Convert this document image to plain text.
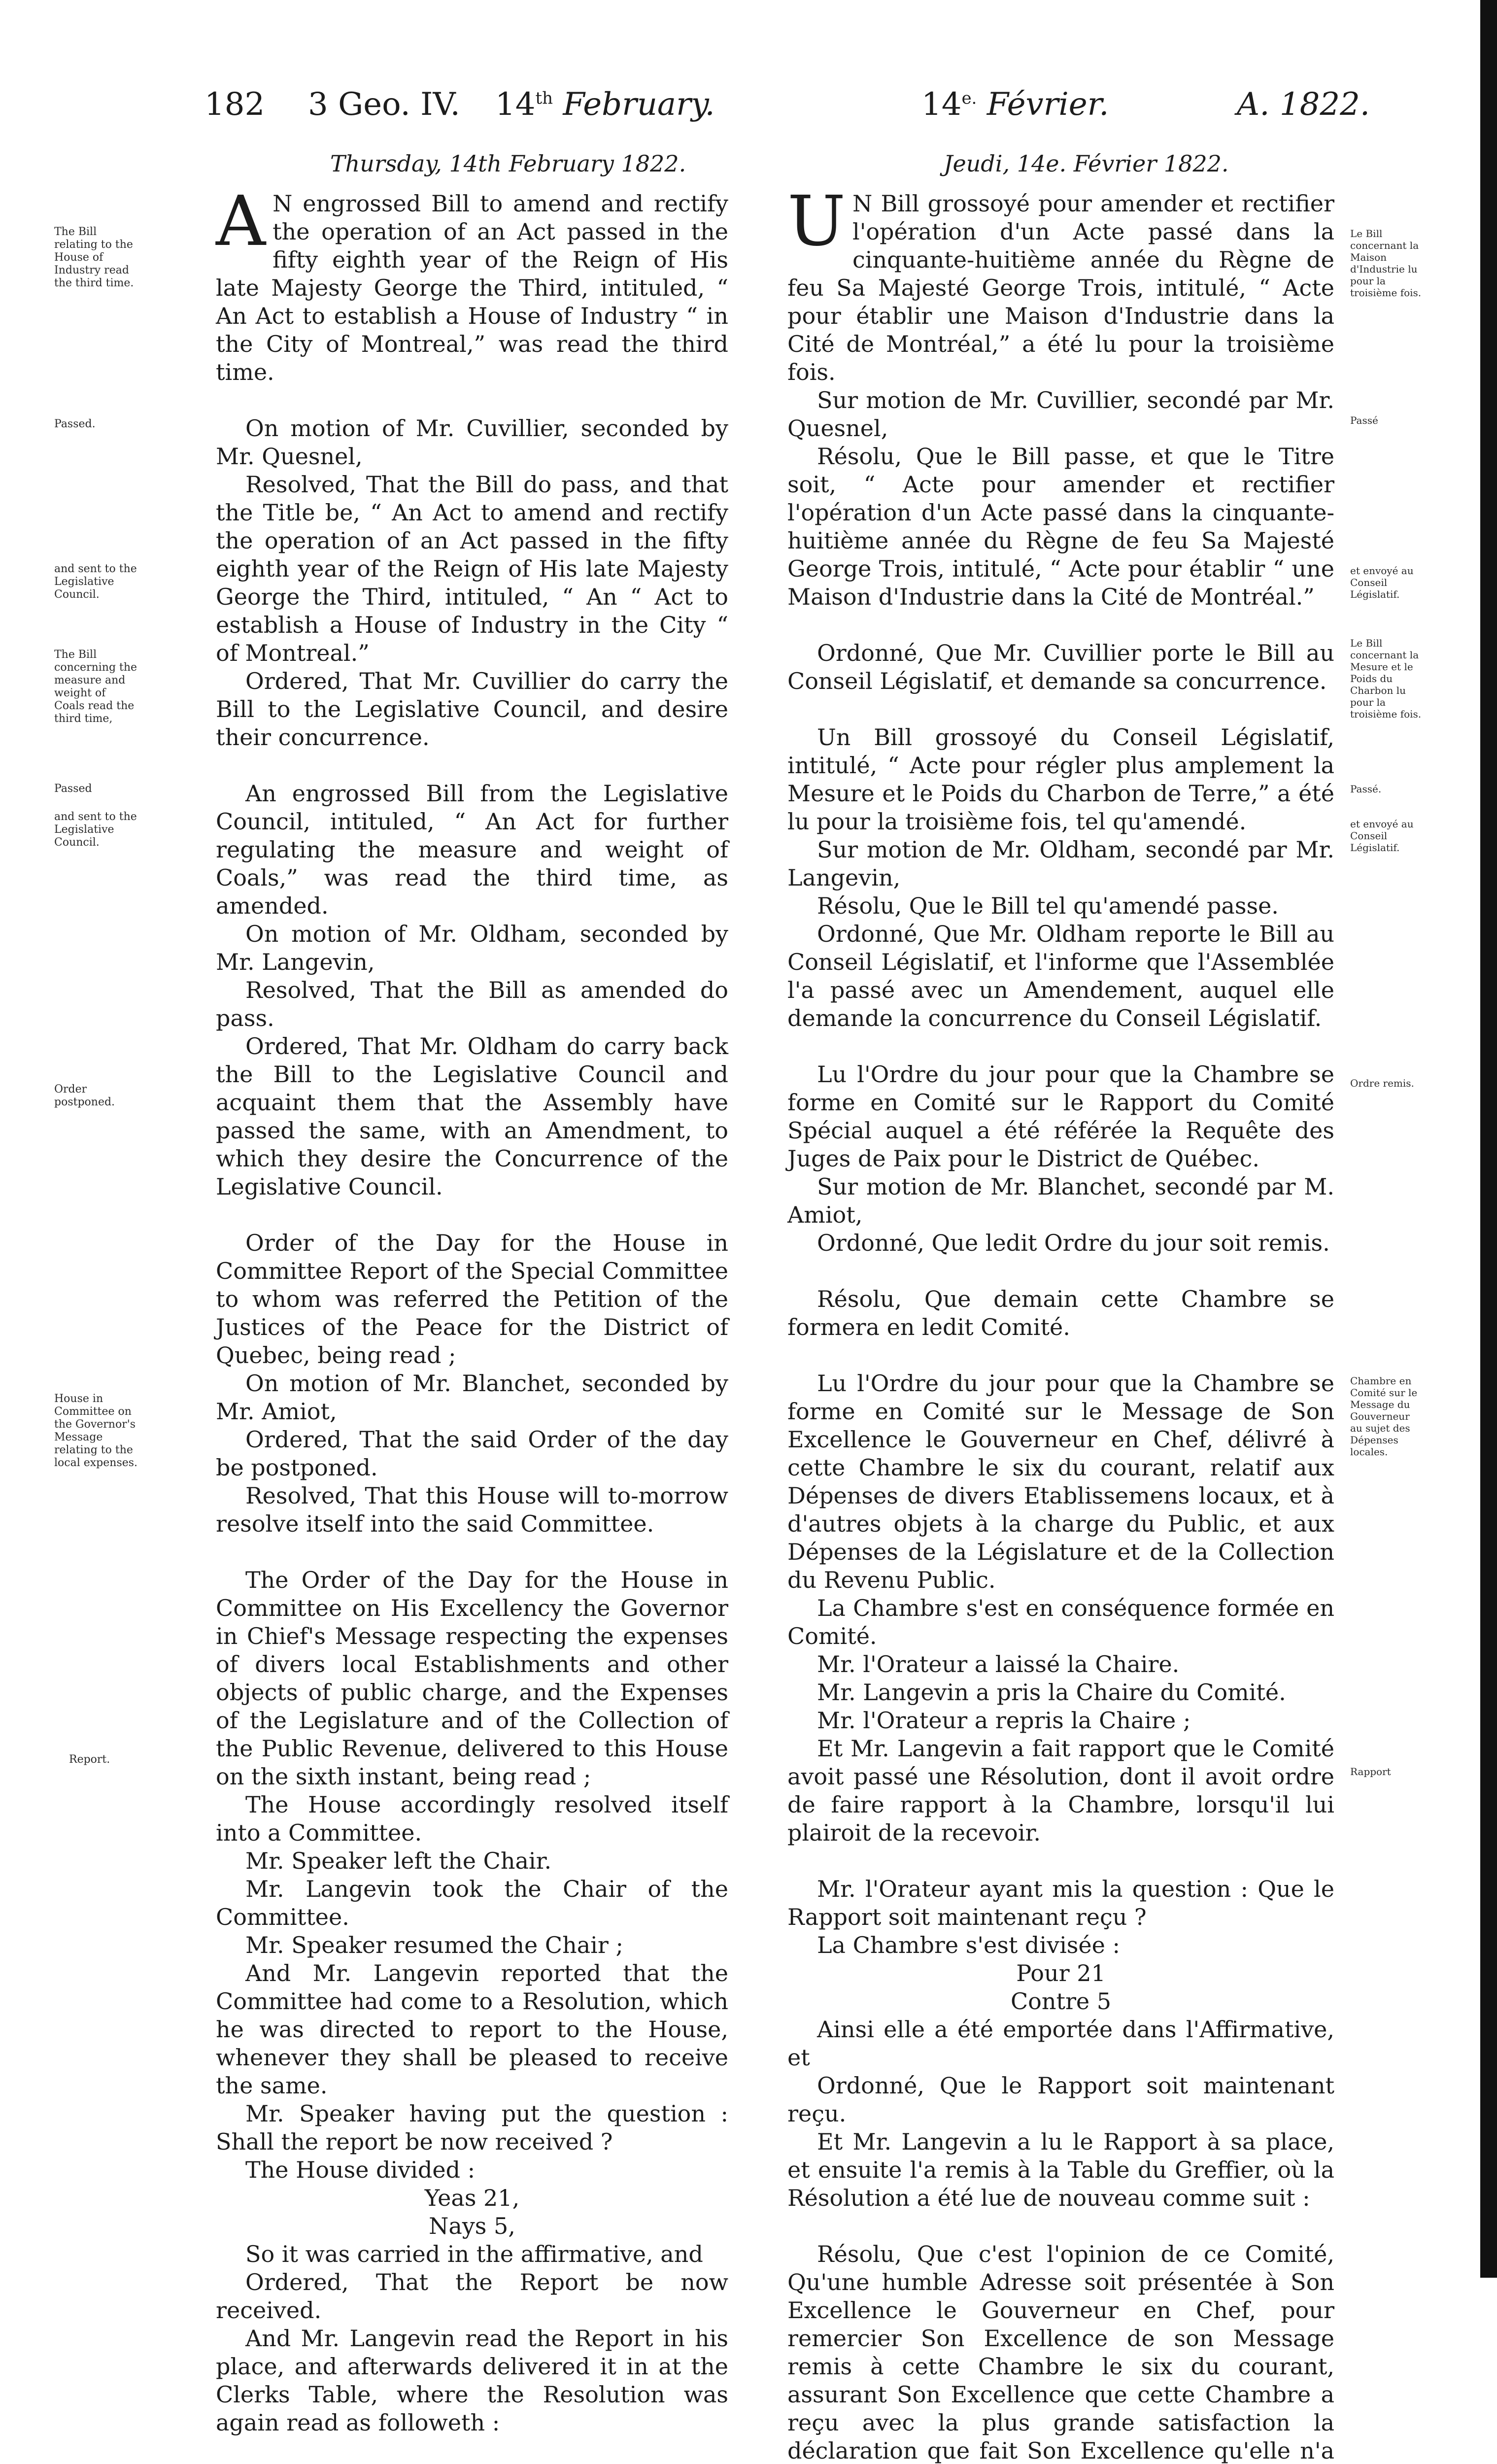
182 3 Geo. IV. 14th February.	$14^{e.}$ Février.	A. 1822.
Thursday, 14th February 1822.	Jeudi, 14e. Février 1822.
The Bill relating to the House of Industry read the third time.
Passed.
and sent to the Legislative Council.
The Bill concerning the measure and weight of Coals read the third time,
Passed
and sent to the Legislative Council.
Order postponed.
House in Committee on the Governor's Message relating to the local expenses.
Report.
Le Bill concernant la Maison d'Industrie lu pour la troisième fois.
Passé
et envoyé au Conseil Législatif.
Le Bill concernant la Mesure et le Poids du Charbon lu pour la troisième fois.
Passé.
et envoyé au Conseil Législatif.
Ordre remis.
Chambre en Comité sur le Message du Gouverneur au sujet des Dépenses locales.
Rapport

A N engrossed Bill to amend and rectify the operation of an Act passed in the fifty eighth year of the Reign of His late Majesty George the Third, intituled, “ An Act to establish a House of Industry “ in the City of Montreal,” was read the third time.

On motion of Mr. Cuvillier, seconded by Mr. Quesnel,

Resolved, That the Bill do pass, and that the Title be, “ An Act to amend and rectify the operation of an Act passed in the fifty eighth year of the Reign of His late Majesty George the Third, intituled, “ An “ Act to establish a House of Industry in the City “ of Montreal.”

Ordered, That Mr. Cuvillier do carry the Bill to the Legislative Council, and desire their concurrence.

An engrossed Bill from the Legislative Council, intituled, “ An Act for further regulating the measure and weight of Coals,” was read the third time, as amended.

On motion of Mr. Oldham, seconded by Mr. Langevin,

Resolved, That the Bill as amended do pass.

Ordered, That Mr. Oldham do carry back the Bill to the Legislative Council and acquaint them that the Assembly have passed the same, with an Amendment, to which they desire the Concurrence of the Legislative Council.

Order of the Day for the House in Committee Report of the Special Committee to whom was referred the Petition of the Justices of the Peace for the District of Quebec, being read ;

On motion of Mr. Blanchet, seconded by Mr. Amiot,

Ordered, That the said Order of the day be postponed.

Resolved, That this House will to-morrow resolve itself into the said Committee.

The Order of the Day for the House in Committee on His Excellency the Governor in Chief's Message respecting the expenses of divers local Establishments and other objects of public charge, and the Expenses of the Legislature and of the Collection of the Public Revenue, delivered to this House on the sixth instant, being read ;

The House accordingly resolved itself into a Committee.

Mr. Speaker left the Chair.

Mr. Langevin took the Chair of the Committee.

Mr. Speaker resumed the Chair ;

And Mr. Langevin reported that the Committee had come to a Resolution, which he was directed to report to the House, whenever they shall be pleased to receive the same.

Mr. Speaker having put the question : Shall the report be now received ?

The House divided :

Yeas 21,

Nays 5,

So it was carried in the affirmative, and

Ordered, That the Report be now received.

And Mr. Langevin read the Report in his place, and afterwards delivered it in at the Clerks Table, where the Resolution was again read as followeth :

U N Bill grossoyé pour amender et rectifier l'opération d'un Acte passé dans la cinquante-huitième année du Règne de feu Sa Majesté George Trois, intitulé, “ Acte pour établir une Maison d'Industrie dans la Cité de Montréal,” a été lu pour la troisième fois.

Sur motion de Mr. Cuvillier, secondé par Mr. Quesnel,

Résolu, Que le Bill passe, et que le Titre soit, “ Acte pour amender et rectifier l'opération d'un Acte passé dans la cinquante-huitième année du Règne de feu Sa Majesté George Trois, intitulé, “ Acte pour établir “ une Maison d'Industrie dans la Cité de Montréal.”

Ordonné, Que Mr. Cuvillier porte le Bill au Conseil Législatif, et demande sa concurrence.

Un Bill grossoyé du Conseil Législatif, intitulé, “ Acte pour régler plus amplement la Mesure et le Poids du Charbon de Terre,” a été lu pour la troisième fois, tel qu'amendé.

Sur motion de Mr. Oldham, secondé par Mr. Langevin,

Résolu, Que le Bill tel qu'amendé passe.

Ordonné, Que Mr. Oldham reporte le Bill au Conseil Législatif, et l'informe que l'Assemblée l'a passé avec un Amendement, auquel elle demande la concurrence du Conseil Législatif.

Lu l'Ordre du jour pour que la Chambre se forme en Comité sur le Rapport du Comité Spécial auquel a été référée la Requête des Juges de Paix pour le District de Québec.

Sur motion de Mr. Blanchet, secondé par M. Amiot,

Ordonné, Que ledit Ordre du jour soit remis.

Résolu, Que demain cette Chambre se formera en ledit Comité.

Lu l'Ordre du jour pour que la Chambre se forme en Comité sur le Message de Son Excellence le Gouverneur en Chef, délivré à cette Chambre le six du courant, relatif aux Dépenses de divers Etablissemens locaux, et à d'autres objets à la charge du Public, et aux Dépenses de la Législature et de la Collection du Revenu Public.

La Chambre s'est en conséquence formée en Comité.

Mr. l'Orateur a laissé la Chaire.

Mr. Langevin a pris la Chaire du Comité.

Mr. l'Orateur a repris la Chaire ;

Et Mr. Langevin a fait rapport que le Comité avoit passé une Résolution, dont il avoit ordre de faire rapport à la Chambre, lorsqu'il lui plairoit de la recevoir.

Mr. l'Orateur ayant mis la question : Que le Rapport soit maintenant reçu ?

La Chambre s'est divisée :

Pour 21

Contre 5

Ainsi elle a été emportée dans l'Affirmative, et

Ordonné, Que le Rapport soit maintenant reçu.

Et Mr. Langevin a lu le Rapport à sa place, et ensuite l'a remis à la Table du Greffier, où la Résolution a été lue de nouveau comme suit :

Résolu, Que c'est l'opinion de ce Comité, Qu'une humble Adresse soit présentée à Son Excellence le Gouverneur en Chef, pour remercier Son Excellence de son Message remis à cette Chambre le six du courant, assurant Son Excellence que cette Chambre a reçu avec la plus grande satisfaction la déclaration que fait Son Excellence qu'elle n'a
